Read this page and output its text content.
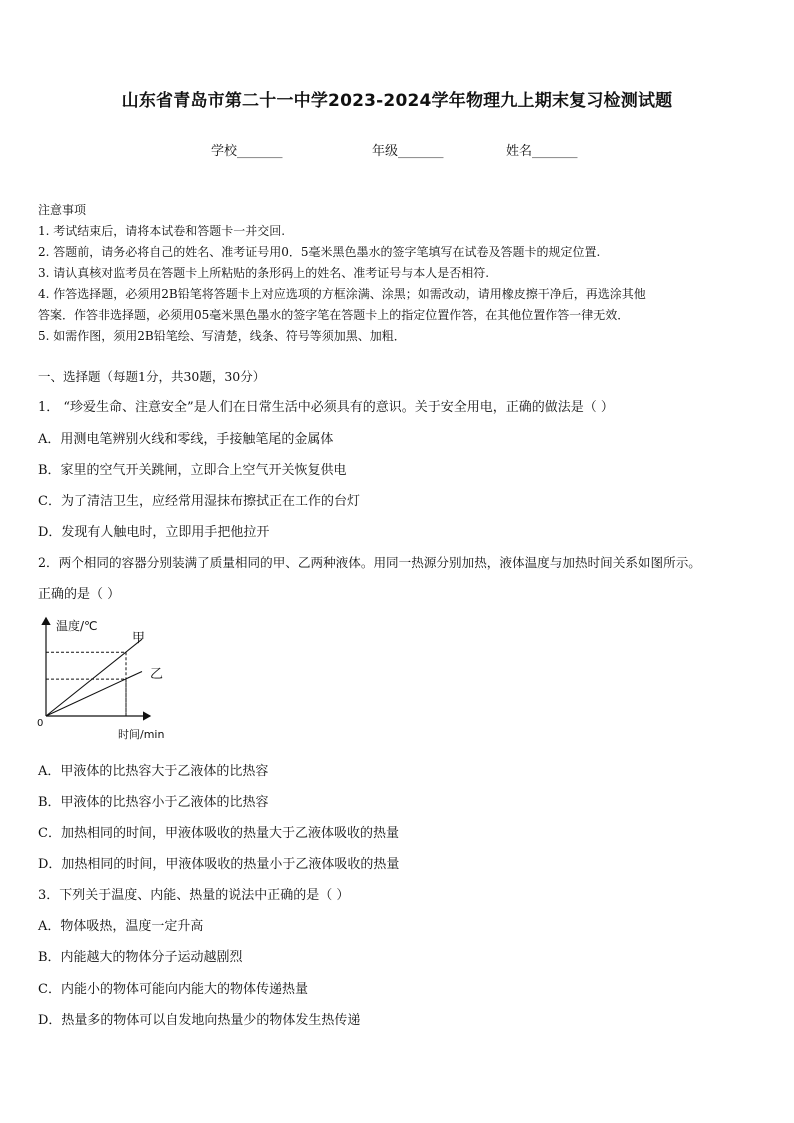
山东省青岛市第二十一中学2023-2024学年物理九上期末复习检测试题
学校_______	年级_______	姓名_______
注意事项
1. 考试结束后，请将本试卷和答题卡一并交回.
2. 答题前，请务必将自己的姓名、准考证号用0．5毫米黑色墨水的签字笔填写在试卷及答题卡的规定位置.
3. 请认真核对监考员在答题卡上所粘贴的条形码上的姓名、准考证号与本人是否相符.
4. 作答选择题，必须用2B铅笔将答题卡上对应选项的方框涂满、涂黑；如需改动，请用橡皮擦干净后，再选涂其他
答案．作答非选择题，必须用05毫米黑色墨水的签字笔在答题卡上的指定位置作答，在其他位置作答一律无效．
5. 如需作图，须用2B铅笔绘、写清楚，线条、符号等须加黑、加粗．
一、选择题（每题1分，共30题，30分）
1． “珍爱生命、注意安全”是人们在日常生活中必须具有的意识。关于安全用电，正确的做法是（ ）
A．用测电笔辨别火线和零线，手接触笔尾的金属体
B．家里的空气开关跳闸，立即合上空气开关恢复供电
C．为了清洁卫生，应经常用湿抹布擦拭正在工作的台灯
D．发现有人触电时，立即用手把他拉开
2．两个相同的容器分别装满了质量相同的甲、乙两种液体。用同一热源分别加热，液体温度与加热时间关系如图所示。
正确的是（ ）
温度/℃
时间/min
0
甲
乙
A．甲液体的比热容大于乙液体的比热容
B．甲液体的比热容小于乙液体的比热容
C．加热相同的时间，甲液体吸收的热量大于乙液体吸收的热量
D．加热相同的时间，甲液体吸收的热量小于乙液体吸收的热量
3．下列关于温度、内能、热量的说法中正确的是（ ）
A．物体吸热，温度一定升高
B．内能越大的物体分子运动越剧烈
C．内能小的物体可能向内能大的物体传递热量
D．热量多的物体可以自发地向热量少的物体发生热传递
